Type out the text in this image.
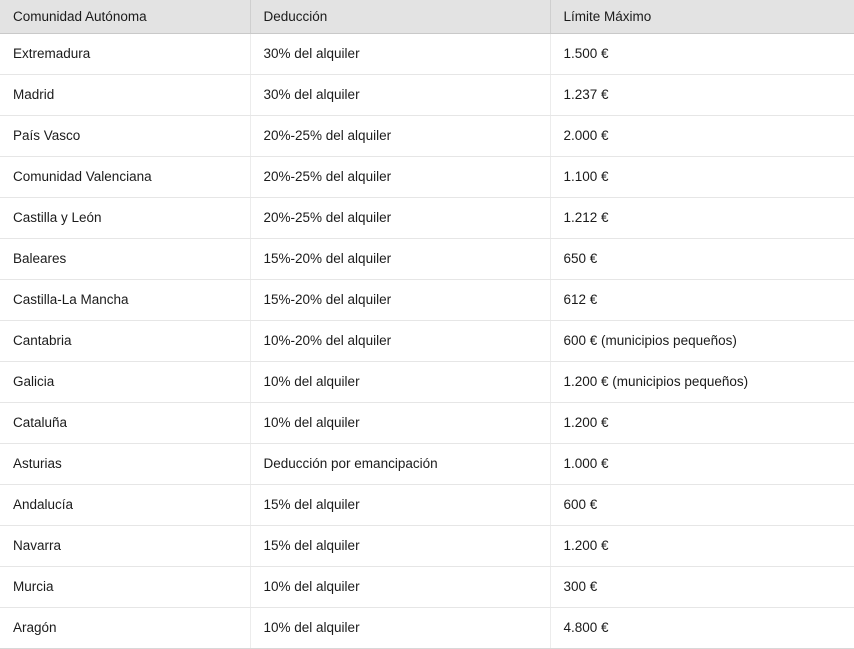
Comunidad Autónoma	Deducción	Límite Máximo
Extremadura	30% del alquiler	1.500 €
Madrid	30% del alquiler	1.237 €
País Vasco	20%-25% del alquiler	2.000 €
Comunidad Valenciana	20%-25% del alquiler	1.100 €
Castilla y León	20%-25% del alquiler	1.212 €
Baleares	15%-20% del alquiler	650 €
Castilla-La Mancha	15%-20% del alquiler	612 €
Cantabria	10%-20% del alquiler	600 € (municipios pequeños)
Galicia	10% del alquiler	1.200 € (municipios pequeños)
Cataluña	10% del alquiler	1.200 €
Asturias	Deducción por emancipación	1.000 €
Andalucía	15% del alquiler	600 €
Navarra	15% del alquiler	1.200 €
Murcia	10% del alquiler	300 €
Aragón	10% del alquiler	4.800 €
